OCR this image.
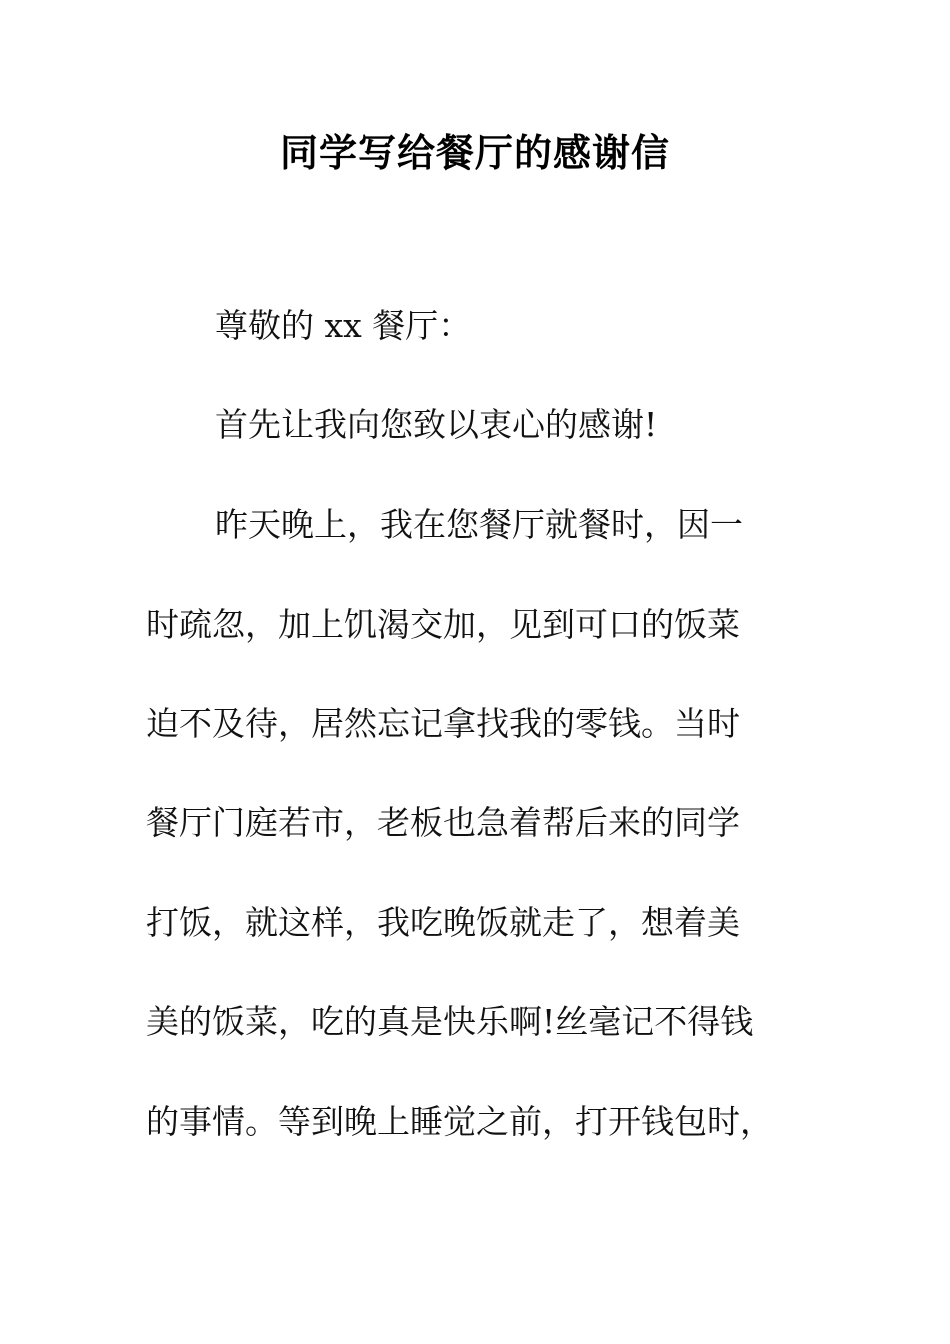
同学写给餐厅的感谢信
尊敬的 xx 餐厅：
首先让我向您致以衷心的感谢!
昨天晚上，我在您餐厅就餐时，因一
时疏忽，加上饥渴交加，见到可口的饭菜
迫不及待，居然忘记拿找我的零钱。当时
餐厅门庭若市，老板也急着帮后来的同学
打饭，就这样，我吃晚饭就走了，想着美
美的饭菜，吃的真是快乐啊!丝毫记不得钱
的事情。等到晚上睡觉之前，打开钱包时，
